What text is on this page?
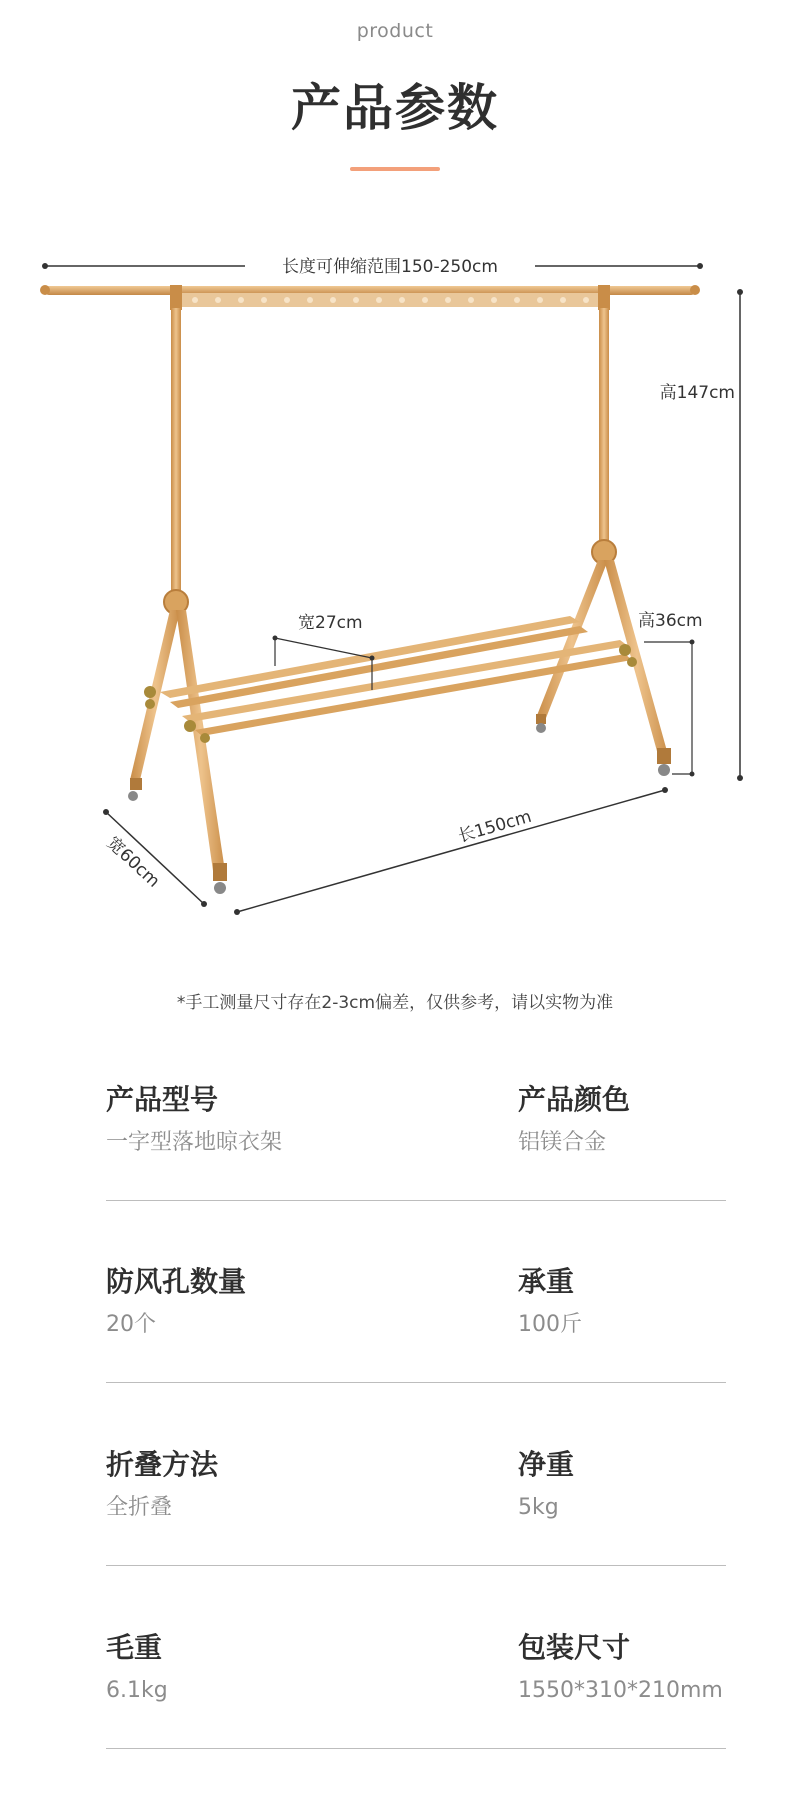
product
产品参数
长度可伸缩范围150-250cm
高147cm
宽27cm	高36cm
长150cm
宽60cm
*手工测量尺寸存在2-3cm偏差，仅供参考，请以实物为准
产品型号
一字型落地晾衣架
产品颜色
铝镁合金
防风孔数量
20个
承重
100斤
折叠方法
全折叠
净重
5kg
毛重
6.1kg
包装尺寸
1550*310*210mm
